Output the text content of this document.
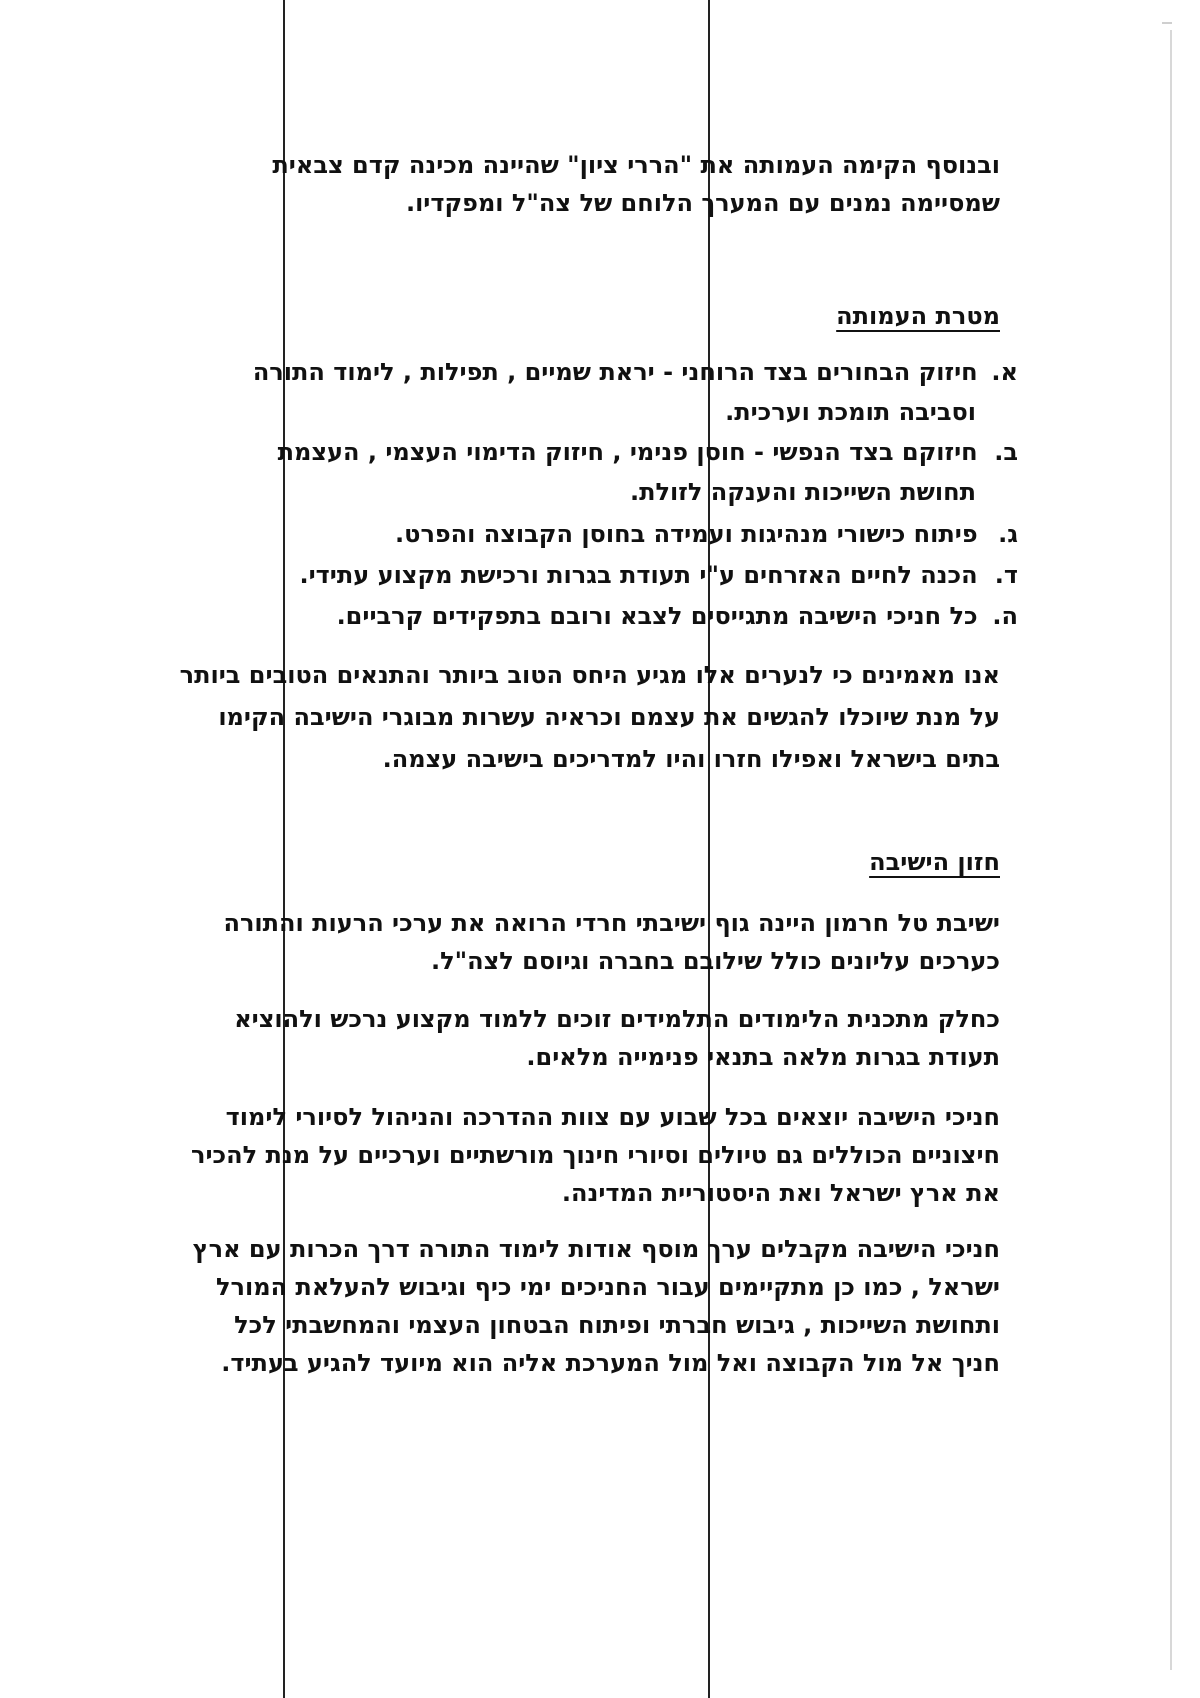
ובנוסף הקימה העמותה את "הררי ציון" שהיינה מכינה קדם צבאית
שמסיימה נמנים עם המערך הלוחם של צה"ל ומפקדיו.
מטרת העמותה
א. חיזוק הבחורים בצד הרוחני - יראת שמיים , תפילות , לימוד התורה
וסביבה תומכת וערכית.
ב. חיזוקם בצד הנפשי - חוסן פנימי , חיזוק הדימוי העצמי , העצמת
תחושת השייכות והענקה לזולת.
ג. פיתוח כישורי מנהיגות ועמידה בחוסן הקבוצה והפרט.
ד. הכנה לחיים האזרחים ע"י תעודת בגרות ורכישת מקצוע עתידי.
ה. כל חניכי הישיבה מתגייסים לצבא ורובם בתפקידים קרביים.
אנו מאמינים כי לנערים אלו מגיע היחס הטוב ביותר והתנאים הטובים ביותר
על מנת שיוכלו להגשים את עצמם וכראיה עשרות מבוגרי הישיבה הקימו
בתים בישראל ואפילו חזרו והיו למדריכים בישיבה עצמה.
חזון הישיבה
ישיבת טל חרמון היינה גוף ישיבתי חרדי הרואה את ערכי הרעות והתורה
כערכים עליונים כולל שילובם בחברה וגיוסם לצה"ל.
כחלק מתכנית הלימודים התלמידים זוכים ללמוד מקצוע נרכש ולהוציא
תעודת בגרות מלאה בתנאי פנימייה מלאים.
חניכי הישיבה יוצאים בכל שבוע עם צוות ההדרכה והניהול לסיורי לימוד
חיצוניים הכוללים גם טיולים וסיורי חינוך מורשתיים וערכיים על מנת להכיר
את ארץ ישראל ואת היסטוריית המדינה.
חניכי הישיבה מקבלים ערך מוסף אודות לימוד התורה דרך הכרות עם ארץ
ישראל , כמו כן מתקיימים עבור החניכים ימי כיף וגיבוש להעלאת המורל
ותחושת השייכות , גיבוש חברתי ופיתוח הבטחון העצמי והמחשבתי לכל
חניך אל מול הקבוצה ואל מול המערכת אליה הוא מיועד להגיע בעתיד.
